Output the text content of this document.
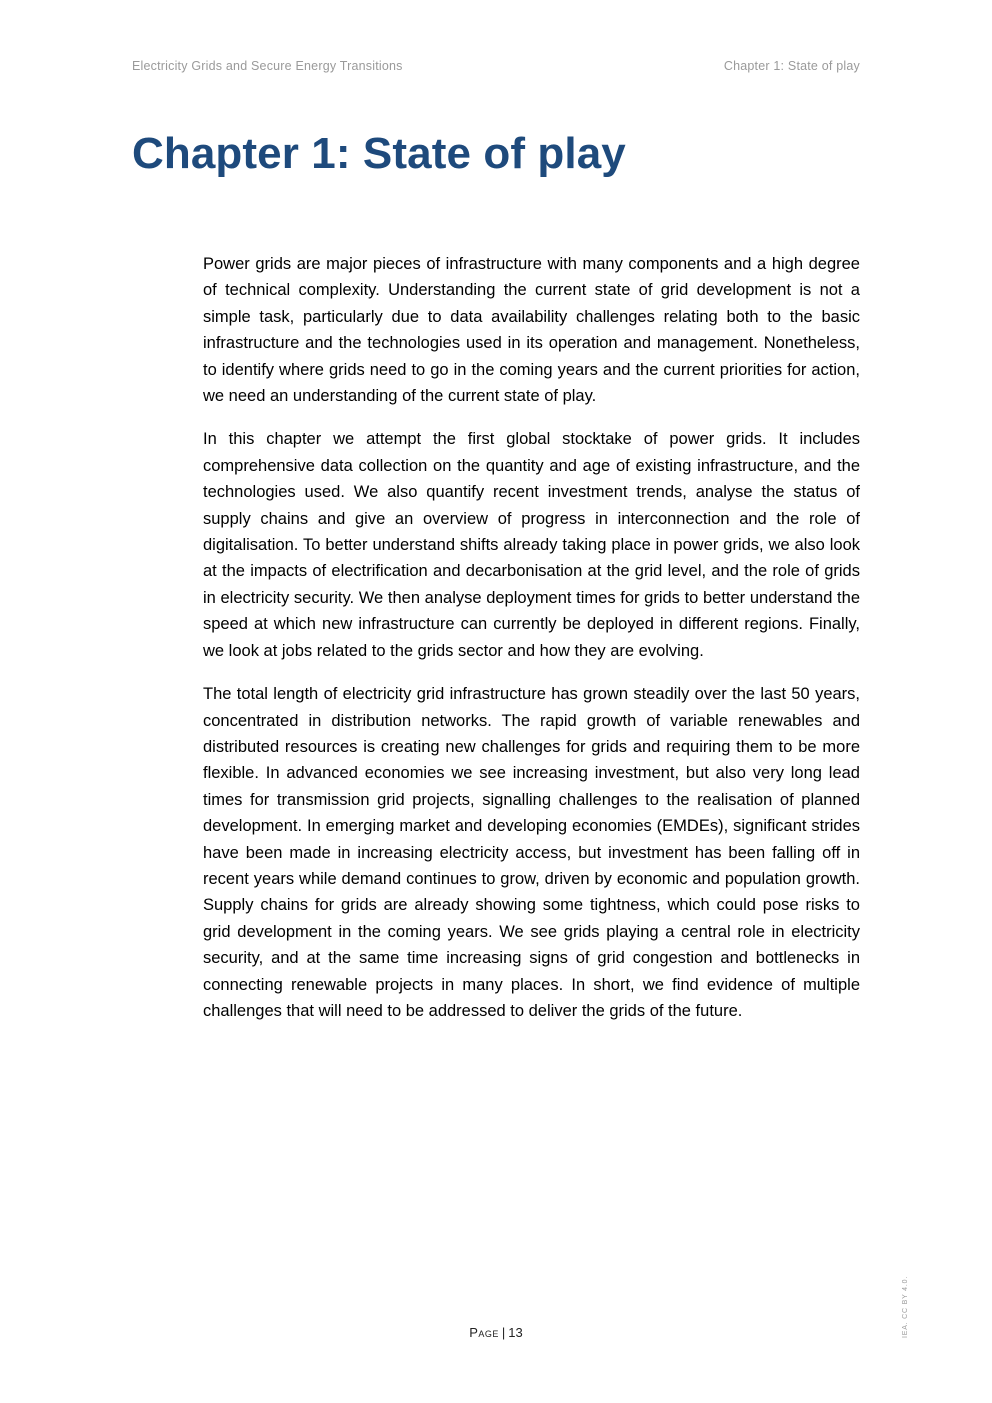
Electricity Grids and Secure Energy Transitions	Chapter 1: State of play
Chapter 1: State of play

Power grids are major pieces of infrastructure with many components and a high degree of technical complexity. Understanding the current state of grid development is not a simple task, particularly due to data availability challenges relating both to the basic infrastructure and the technologies used in its operation and management. Nonetheless, to identify where grids need to go in the coming years and the current priorities for action, we need an understanding of the current state of play.

In this chapter we attempt the first global stocktake of power grids. It includes comprehensive data collection on the quantity and age of existing infrastructure, and the technologies used. We also quantify recent investment trends, analyse the status of supply chains and give an overview of progress in interconnection and the role of digitalisation. To better understand shifts already taking place in power grids, we also look at the impacts of electrification and decarbonisation at the grid level, and the role of grids in electricity security. We then analyse deployment times for grids to better understand the speed at which new infrastructure can currently be deployed in different regions. Finally, we look at jobs related to the grids sector and how they are evolving.

The total length of electricity grid infrastructure has grown steadily over the last 50 years, concentrated in distribution networks. The rapid growth of variable renewables and distributed resources is creating new challenges for grids and requiring them to be more flexible. In advanced economies we see increasing investment, but also very long lead times for transmission grid projects, signalling challenges to the realisation of planned development. In emerging market and developing economies (EMDEs), significant strides have been made in increasing electricity access, but investment has been falling off in recent years while demand continues to grow, driven by economic and population growth. Supply chains for grids are already showing some tightness, which could pose risks to grid development in the coming years. We see grids playing a central role in electricity security, and at the same time increasing signs of grid congestion and bottlenecks in connecting renewable projects in many places. In short, we find evidence of multiple challenges that will need to be addressed to deliver the grids of the future.

Page | 13	IEA. CC BY 4.0.
